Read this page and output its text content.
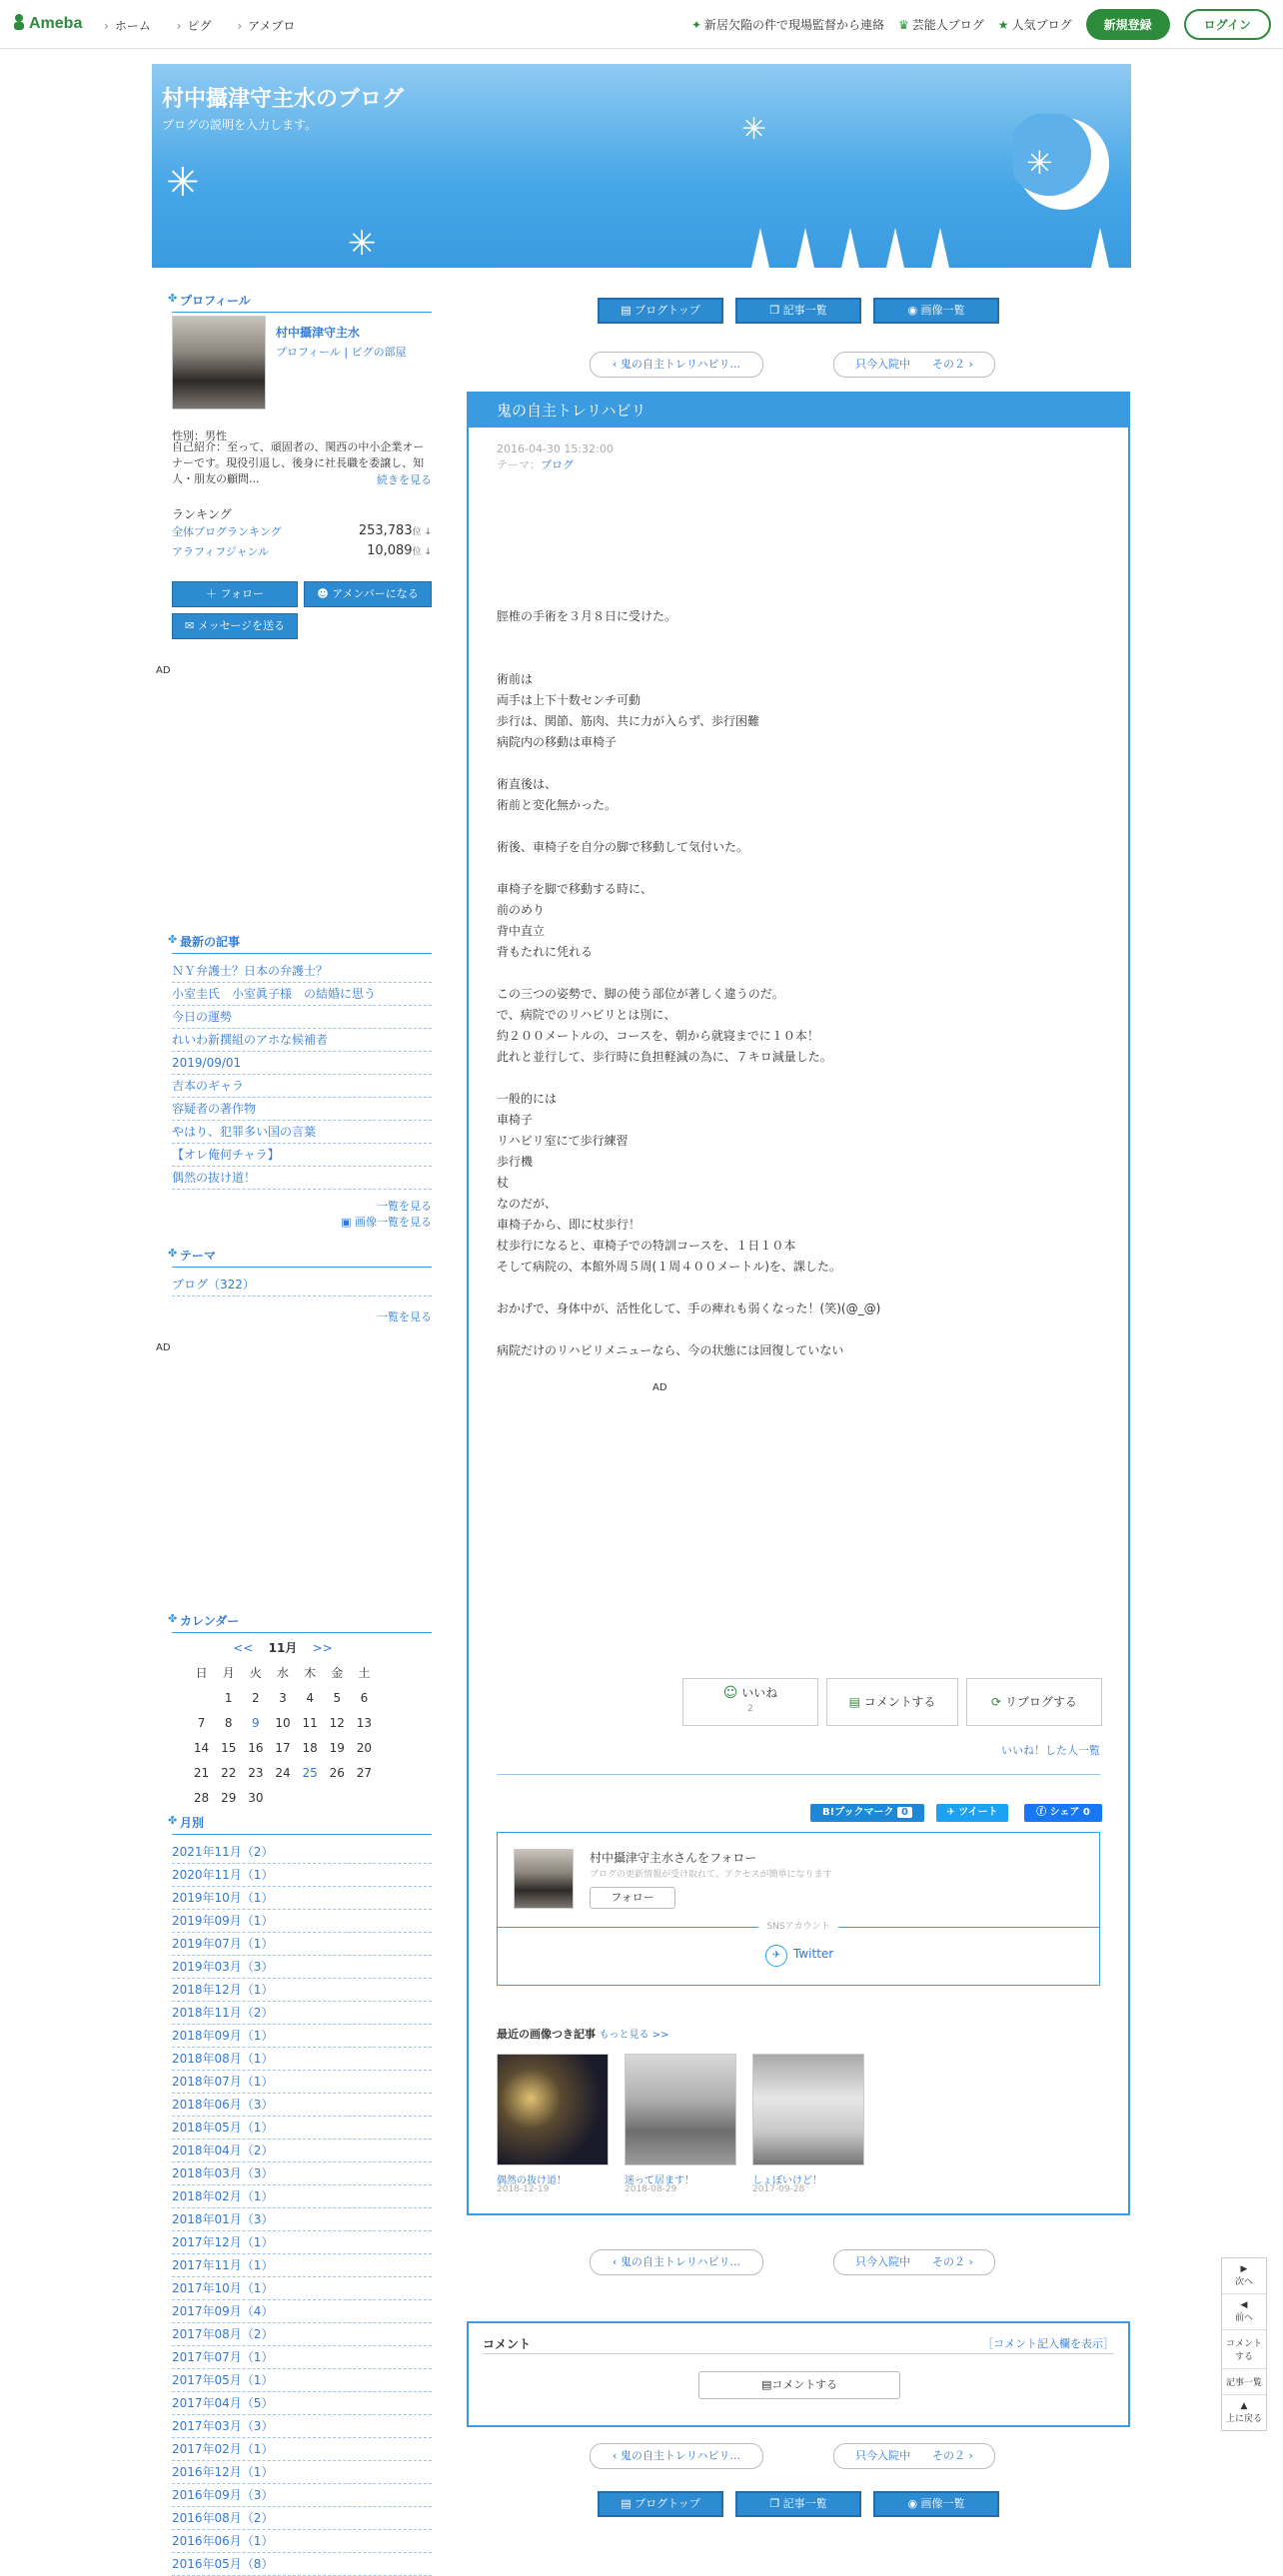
Ameba	› ホーム	› ピグ	› アメブロ	✦ 新居欠陥の件で現場監督から連絡 ♛ 芸能人ブログ ★ 人気ブログ	新規登録	ログイン
村中攝津守主水のブログ
ブログの説明を入力します。
✳
✳
✳
✳
✤ プロフィール
村中攝津守主水
プロフィール | ピグの部屋
性別：男性
自己紹介：至って、頑固者の、関西の中小企業オーナーです。現役引退し、後身に社長職を委譲し、知人・朋友の顧問...	続きを見る
ランキング
全体ブログランキング	253,783位 ↓
アラフィフジャンル	10,089位 ↓
＋ フォロー	☻ アメンバーになる
✉ メッセージを送る
AD
✤ 最新の記事
ＮＹ弁護士？日本の弁護士？
小室圭氏　小室眞子様　の結婚に思う
今日の運勢
れいわ新撰組のアホな候補者
2019/09/01
吉本のギャラ
容疑者の著作物
やはり、犯罪多い国の言葉
【オレ俺何チャラ】
偶然の抜け道！
一覧を見る
▣ 画像一覧を見る
✤ テーマ
ブログ（322）
一覧を見る
AD
✤ カレンダー
<< 11月 >>
日	月	火	水	木	金	土
	1	2	3	4	5	6
7	8	9	10	11	12	13
14	15	16	17	18	19	20
21	22	23	24	25	26	27
28	29	30				
✤ 月別
2021年11月（2）
2020年11月（1）
2019年10月（1）
2019年09月（1）
2019年07月（1）
2019年03月（3）
2018年12月（1）
2018年11月（2）
2018年09月（1）
2018年08月（1）
2018年07月（1）
2018年06月（3）
2018年05月（1）
2018年04月（2）
2018年03月（3）
2018年02月（1）
2018年01月（3）
2017年12月（1）
2017年11月（1）
2017年10月（1）
2017年09月（4）
2017年08月（2）
2017年07月（1）
2017年05月（1）
2017年04月（5）
2017年03月（3）
2017年02月（1）
2016年12月（1）
2016年09月（3）
2016年08月（2）
2016年06月（1）
2016年05月（8）
▤ ブログトップ	❐ 記事一覧	◉ 画像一覧
‹ 鬼の自主トレリハビリ...	只今入院中　　その２ ›
鬼の自主トレリハビリ
2016-04-30 15:32:00
テーマ：ブログ

脛椎の手術を３月８日に受けた。

術前は
両手は上下十数センチ可動
歩行は、関節、筋肉、共に力が入らず、歩行困難
病院内の移動は車椅子

術直後は、
術前と変化無かった。

術後、車椅子を自分の脚で移動して気付いた。

車椅子を脚で移動する時に、
前のめり
背中直立
背もたれに凭れる

この三つの姿勢で、脚の使う部位が著しく違うのだ。
で、病院でのリハビリとは別に、
約２００メートルの、コースを、朝から就寝までに１０本！
此れと並行して、歩行時に負担軽減の為に、７キロ減量した。

一般的には
車椅子
リハビリ室にて歩行練習
歩行機
杖
なのだが、
車椅子から、即に杖歩行！
杖歩行になると、車椅子での特訓コースを、１日１０本
そして病院の、本館外周５周(１周４００メートル)を、課した。

おかげで、身体中が、活性化して、手の痺れも弱くなった！(笑)(@_@)

病院だけのリハビリメニューなら、今の状態には回復していない
AD
☺ いいね
2	▤ コメントする	⟳ リブログする
いいね！した人一覧
B!ブックマーク 0	✈ ツイート	ⓕ シェア 0
村中攝津守主水さんをフォロー
ブログの更新情報が受け取れて、アクセスが簡単になります
フォロー
SNSアカウント
✈ Twitter
最近の画像つき記事 もっと見る >>
偶然の抜け道！
2018-12-19
迷って居ます！
2018-08-29
しょぼいけど！
2017-09-28
‹ 鬼の自主トレリハビリ...	只今入院中　　その２ ›
コメント	［コメント記入欄を表示］
▤コメントする
‹ 鬼の自主トレリハビリ...	只今入院中　　その２ ›
▤ ブログトップ	❐ 記事一覧	◉ 画像一覧
▶
次へ
◀
前へ
コメントする
記事一覧
▲
上に戻る
